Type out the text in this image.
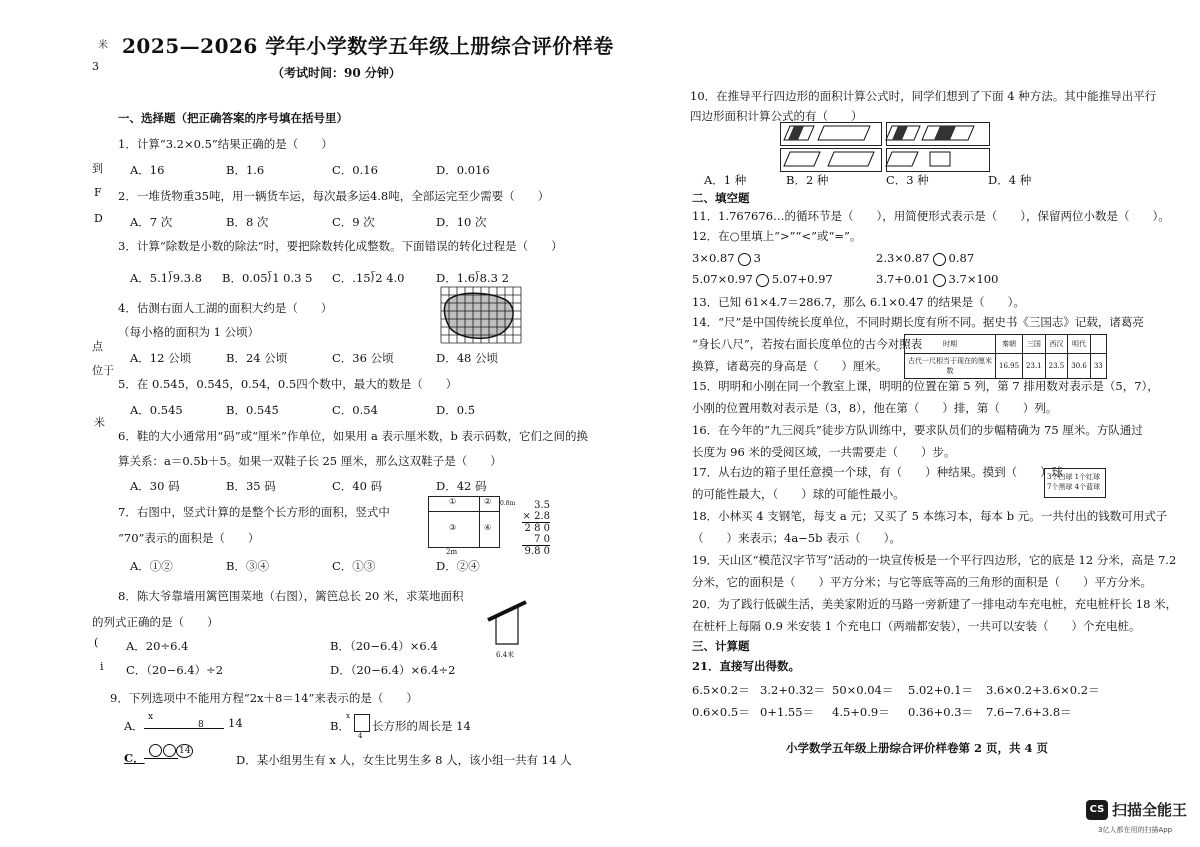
2025—2026 学年小学数学五年级上册综合评价样卷
（考试时间：90 分钟）
一、选择题（把正确答案的序号填在括号里）
1．计算“3.2×0.5”结果正确的是（　　）
A．16	B．1.6	C．0.16	D．0.016
2．一堆货物重35吨，用一辆货车运，每次最多运4.8吨，全部运完至少需要（　　）
A．7 次	B．8 次	C．9 次	D．10 次
3．计算“除数是小数的除法”时，要把除数转化成整数。下面错误的转化过程是（　　）
A．5.1⟌9.3.8 B．0.05⟌1 0.3 5 C．.15⟌2 4.0	D．1.6⟌8.3 2
4．估测右面人工湖的面积大约是（　　）
（每小格的面积为 1 公顷）
A．12 公顷	B．24 公顷	C．36 公顷	D．48 公顷
5．在 0.545，0.545̇，0.54̇，0.5四个数中，最大的数是（　　）
A．0.545	B．0.545̇	C．0.54̇	D．0.5̇
6．鞋的大小通常用“码”或“厘米”作单位，如果用 a 表示厘米数，b 表示码数，它们之间的换
算关系：a＝0.5b＋5。如果一双鞋子长 25 厘米，那么这双鞋子是（　　）
A．30 码	B．35 码	C．40 码	D．42 码
7．右图中，竖式计算的是整个长方形的面积，竖式中
“70”表示的面积是（　　）
A．①②	B．③④	C．①③	D．②④
①	②
③	④
2m
0.8m	3.5
× 2.8
2 8 0
7 0
9.8 0
8．陈大爷靠墙用篱笆围菜地（右图），篱笆总长 20 米，求菜地面积
的列式正确的是（　　）
A．20÷6.4	B．（20−6.4）×6.4
C．（20−6.4）÷2	D．（20−6.4）×6.4÷2
6.4米
9．下列选项中不能用方程“2x＋8＝14”来表示的是（　　）
A．
x
8 14	B．
x
4
长方形的周长是 14
C．	14
D．某小组男生有 x 人，女生比男生多 8 人，该小组一共有 14 人
米
3
到
F
D
点
位于
米
(
i
10．在推导平行四边形的面积计算公式时，同学们想到了下面 4 种方法。其中能推导出平行
四边形面积计算公式的有（　　）
A．1 种	B．2 种	C．3 种	D．4 种
二、填空题
11．1.767676…的循环节是（　　），用简便形式表示是（　　），保留两位小数是（　　）。
12．在○里填上“>”“<”或“=”。
3×0.87 3	2.3×0.87 0.87
5.07×0.97 5.07+0.97	3.7+0.01 3.7×100
13．已知 61×4.7＝286.7，那么 6.1×0.47 的结果是（　　）。
14．“尺”是中国传统长度单位，不同时期长度有所不同。据史书《三国志》记载，诸葛亮
“身长八尺”，若按右面长度单位的古今对照表
换算，诸葛亮的身高是（　　）厘米。
时期	秦朝	三国	西汉	明代	
古代一尺相当于现在的厘米数	16.95	23.1	23.5	30.6	33
15．明明和小刚在同一个教室上课，明明的位置在第 5 列，第 7 排用数对表示是（5，7），
小刚的位置用数对表示是（3，8），他在第（　　）排，第（　　）列。
16．在今年的“九三阅兵”徒步方队训练中，要求队员们的步幅精确为 75 厘米。方队通过
长度为 96 米的受阅区域，一共需要走（　　）步。
17．从右边的箱子里任意摸一个球，有（　　）种结果。摸到（　　）球
的可能性最大，（　　）球的可能性最小。
3个白球 1个红球
7个黑球 4个蓝球
18．小林买 4 支钢笔，每支 a 元；又买了 5 本练习本，每本 b 元。一共付出的钱数可用式子
（　　）来表示；4a−5b 表示（　　）。
19．天山区“模范汉字节写”活动的一块宣传板是一个平行四边形，它的底是 12 分米，高是 7.2
分米，它的面积是（　　）平方分米；与它等底等高的三角形的面积是（　　）平方分米。
20．为了践行低碳生活，美美家附近的马路一旁新建了一排电动车充电桩，充电桩杆长 18 米，
在桩杆上每隔 0.9 米安装 1 个充电口（两端都安装），一共可以安装（　　）个充电桩。
三、计算题
21．直接写出得数。
6.5×0.2＝ 3.2+0.32＝ 50×0.04＝ 5.02+0.1＝ 3.6×0.2+3.6×0.2＝
0.6×0.5＝ 0+1.55＝ 4.5+0.9＝ 0.36+0.3＝ 7.6−7.6+3.8＝
小学数学五年级上册综合评价样卷第 2 页，共 4 页
CS 扫描全能王
3亿人都在用的扫描App
